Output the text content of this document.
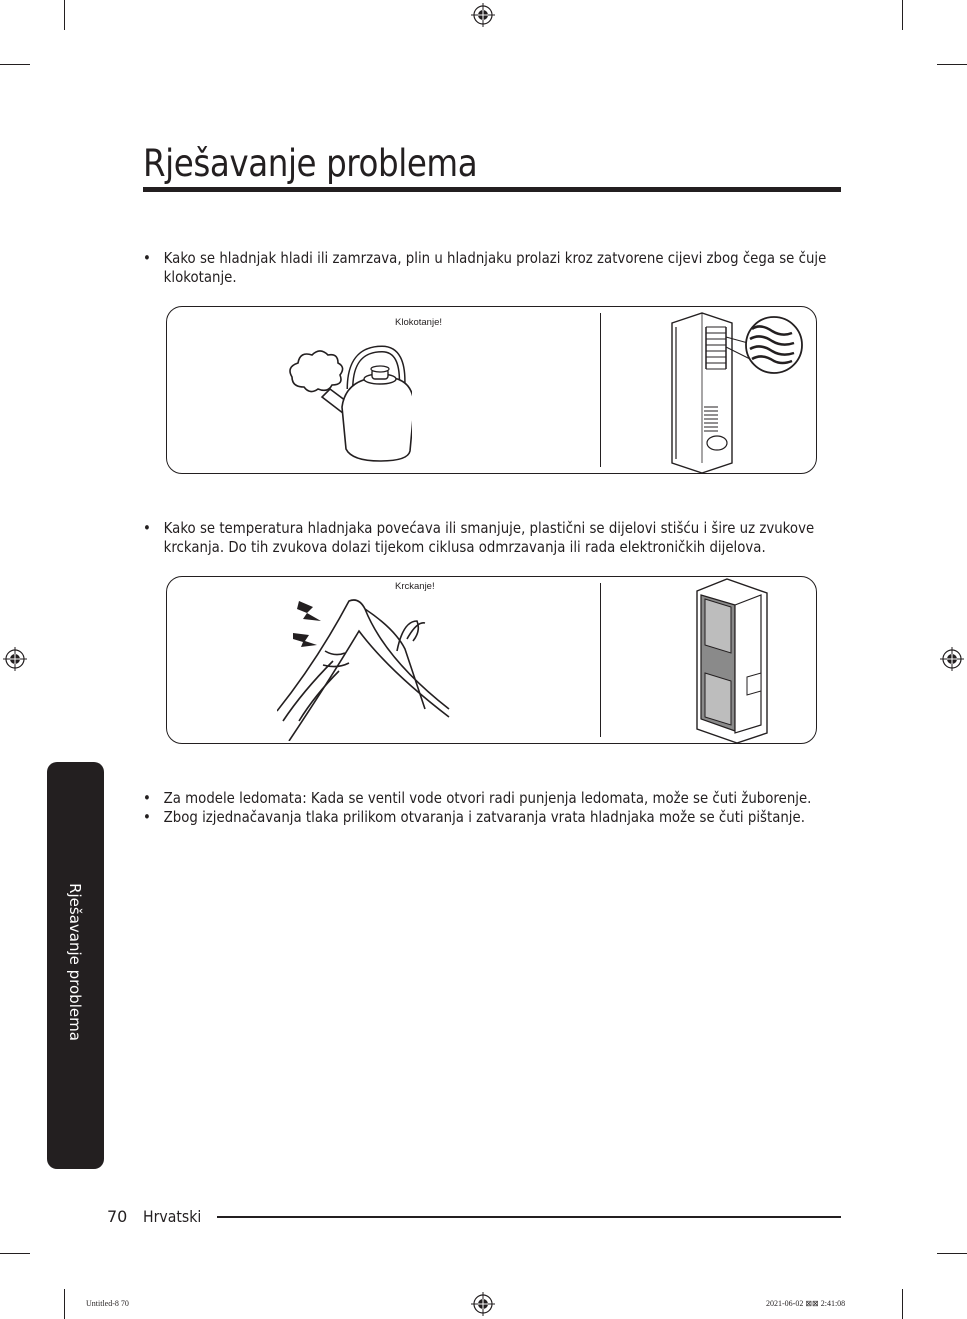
Rješavanje problema
• Kako se hladnjak hladi ili zamrzava, plin u hladnjaku prolazi kroz zatvorene cijevi zbog čega se čuje
klokotanje.
Klokotanje!
• Kako se temperatura hladnjaka povećava ili smanjuje, plastični se dijelovi stišću i šire uz zvukove
krckanja. Do tih zvukova dolazi tijekom ciklusa odmrzavanja ili rada elektroničkih dijelova.
Krckanje!
• Za modele ledomata: Kada se ventil vode otvori radi punjenja ledomata, može se čuti žuborenje.
• Zbog izjednačavanja tlaka prilikom otvaranja i zatvaranja vrata hladnjaka može se čuti pištanje.
Rješavanje problema
70 Hrvatski
Untitled-8 70	2021-06-02 ⊠⊠ 2:41:08
